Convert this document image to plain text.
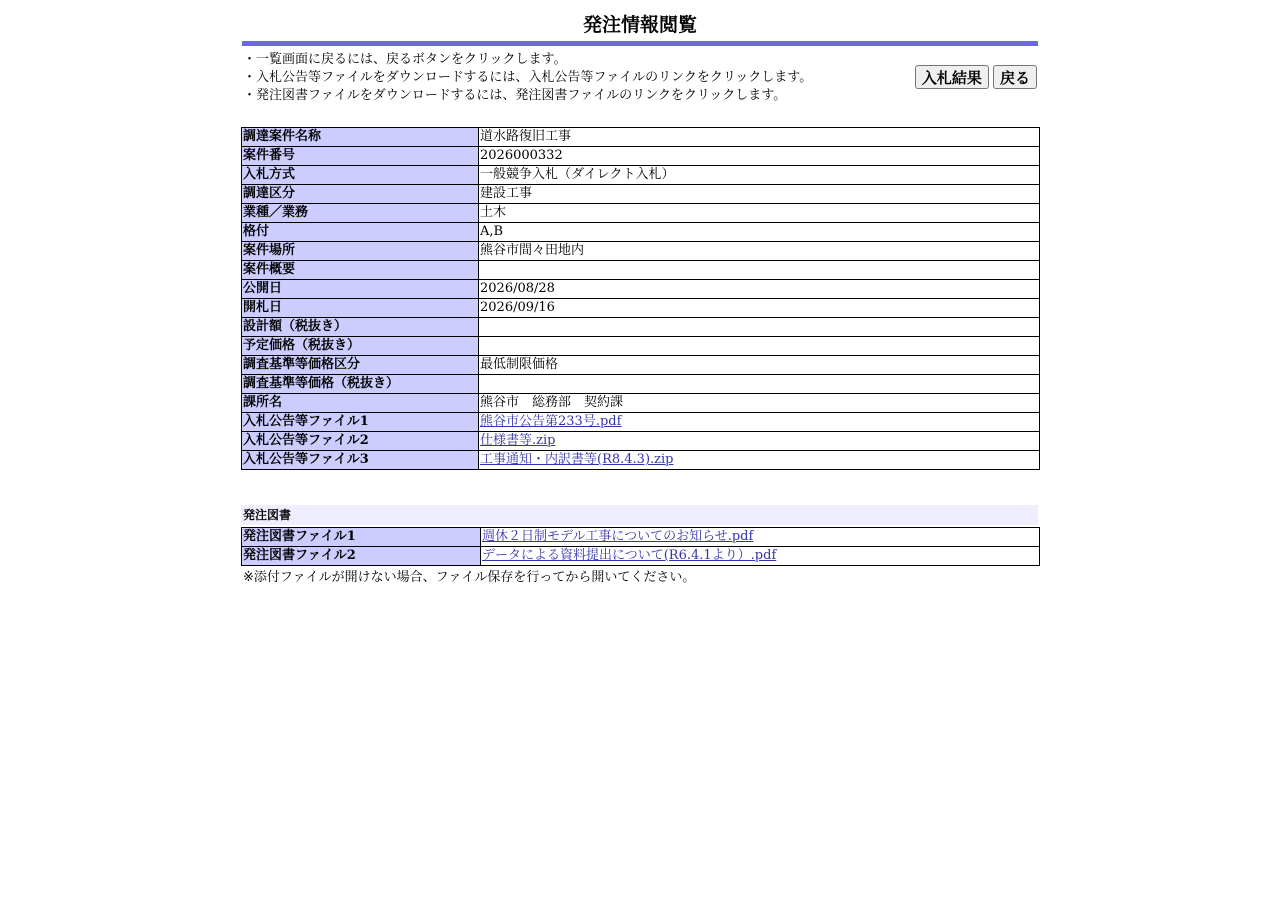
発注情報閲覧
・一覧画面に戻るには、戻るボタンをクリックします。
・入札公告等ファイルをダウンロードするには、入札公告等ファイルのリンクをクリックします。
・発注図書ファイルをダウンロードするには、発注図書ファイルのリンクをクリックします。
入札結果 戻る
調達案件名称	道水路復旧工事
案件番号	2026000332
入札方式	一般競争入札（ダイレクト入札）
調達区分	建設工事
業種／業務	土木
格付	A,B
案件場所	熊谷市間々田地内
案件概要	
公開日	2026/08/28
開札日	2026/09/16
設計額（税抜き）	
予定価格（税抜き）	
調査基準等価格区分	最低制限価格
調査基準等価格（税抜き）	
課所名	熊谷市　総務部　契約課
入札公告等ファイル1	熊谷市公告第233号.pdf
入札公告等ファイル2	仕様書等.zip
入札公告等ファイル3	工事通知・内訳書等(R8.4.3).zip
発注図書
発注図書ファイル1	週休２日制モデル工事についてのお知らせ.pdf
発注図書ファイル2	データによる資料提出について(R6.4.1より）.pdf
※添付ファイルが開けない場合、ファイル保存を行ってから開いてください。
